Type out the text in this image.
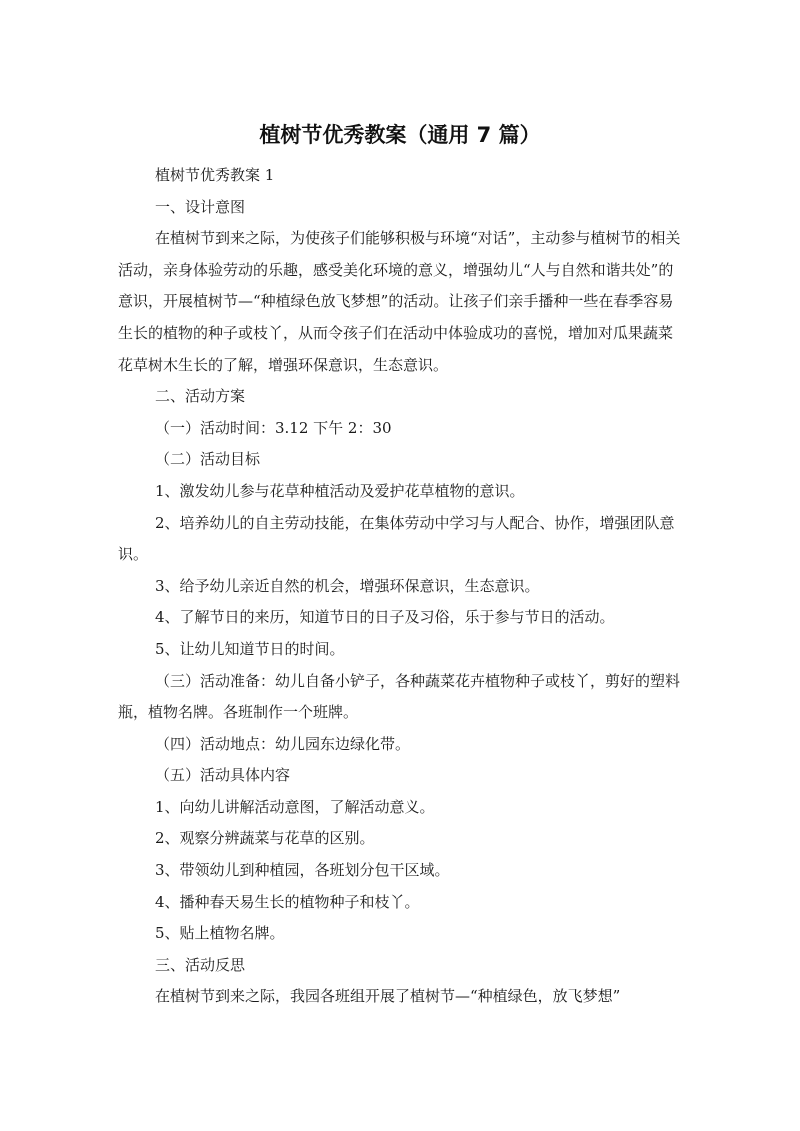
植树节优秀教案（通用 7 篇）

植树节优秀教案 1

一、设计意图

在植树节到来之际，为使孩子们能够积极与环境“对话”，主动参与植树节的相关活动，亲身体验劳动的乐趣，感受美化环境的意义，增强幼儿“人与自然和谐共处”的意识，开展植树节—“种植绿色放飞梦想”的活动。让孩子们亲手播种一些在春季容易生长的植物的种子或枝丫，从而令孩子们在活动中体验成功的喜悦，增加对瓜果蔬菜花草树木生长的了解，增强环保意识，生态意识。

二、活动方案

（一）活动时间：3.12 下午 2：30

（二）活动目标

1、激发幼儿参与花草种植活动及爱护花草植物的意识。

2、培养幼儿的自主劳动技能，在集体劳动中学习与人配合、协作，增强团队意识。

3、给予幼儿亲近自然的机会，增强环保意识，生态意识。

4、了解节日的来历，知道节日的日子及习俗，乐于参与节日的活动。

5、让幼儿知道节日的时间。

（三）活动准备：幼儿自备小铲子，各种蔬菜花卉植物种子或枝丫，剪好的塑料瓶，植物名牌。各班制作一个班牌。

（四）活动地点：幼儿园东边绿化带。

（五）活动具体内容

1、向幼儿讲解活动意图，了解活动意义。

2、观察分辨蔬菜与花草的区别。

3、带领幼儿到种植园，各班划分包干区域。

4、播种春天易生长的植物种子和枝丫。

5、贴上植物名牌。

三、活动反思

在植树节到来之际，我园各班组开展了植树节—“种植绿色，放飞梦想”
